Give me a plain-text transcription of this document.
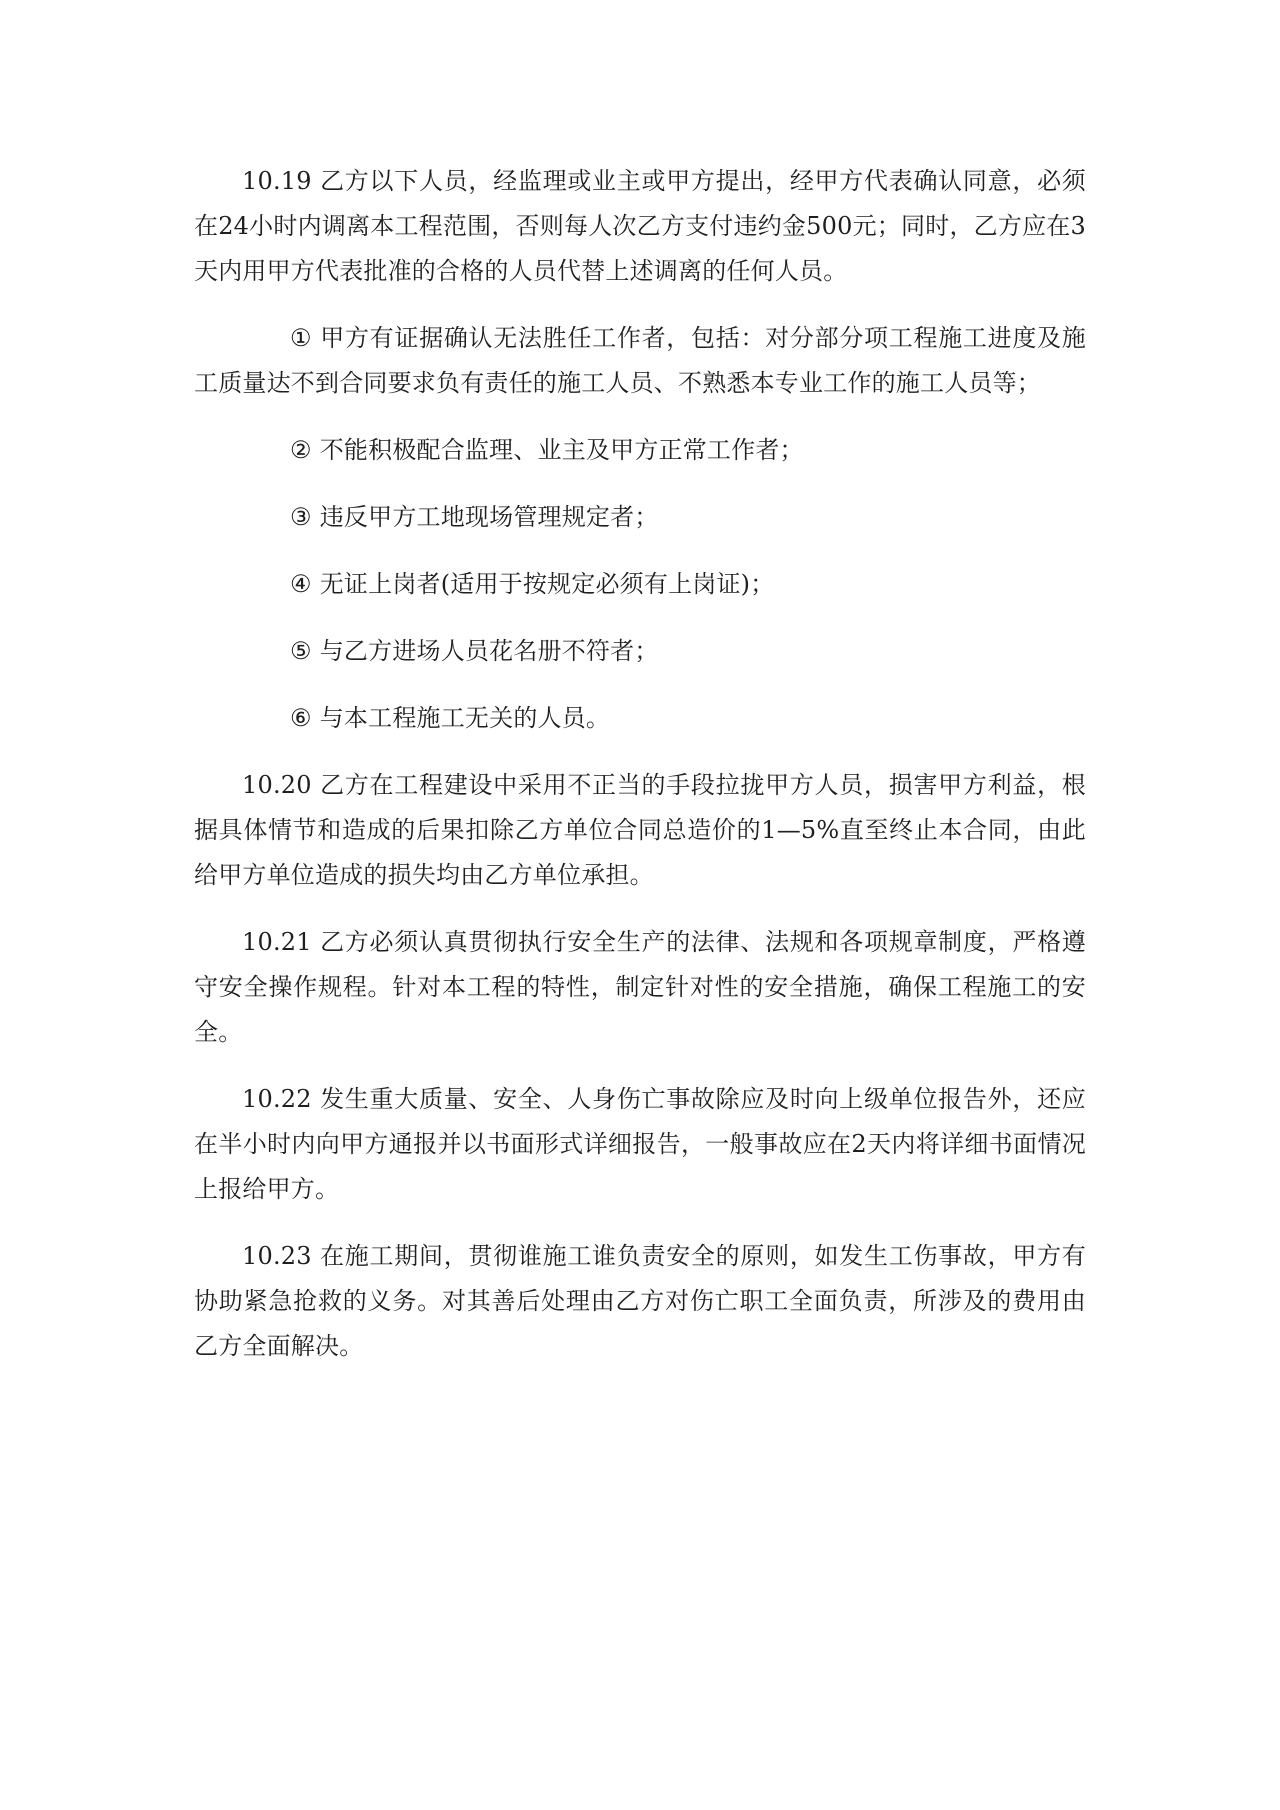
10.19 乙方以下人员，经监理或业主或甲方提出，经甲方代表确认同意，必须在24小时内调离本工程范围，否则每人次乙方支付违约金500元；同时，乙方应在3天内用甲方代表批准的合格的人员代替上述调离的任何人员。

① 甲方有证据确认无法胜任工作者，包括：对分部分项工程施工进度及施工质量达不到合同要求负有责任的施工人员、不熟悉本专业工作的施工人员等；

② 不能积极配合监理、业主及甲方正常工作者；

③ 违反甲方工地现场管理规定者；

④ 无证上岗者(适用于按规定必须有上岗证)；

⑤ 与乙方进场人员花名册不符者；

⑥ 与本工程施工无关的人员。

10.20 乙方在工程建设中采用不正当的手段拉拢甲方人员，损害甲方利益，根据具体情节和造成的后果扣除乙方单位合同总造价的1—5%直至终止本合同，由此给甲方单位造成的损失均由乙方单位承担。

10.21 乙方必须认真贯彻执行安全生产的法律、法规和各项规章制度，严格遵守安全操作规程。针对本工程的特性，制定针对性的安全措施，确保工程施工的安全。

10.22 发生重大质量、安全、人身伤亡事故除应及时向上级单位报告外，还应在半小时内向甲方通报并以书面形式详细报告，一般事故应在2天内将详细书面情况上报给甲方。

10.23 在施工期间，贯彻谁施工谁负责安全的原则，如发生工伤事故，甲方有协助紧急抢救的义务。对其善后处理由乙方对伤亡职工全面负责，所涉及的费用由乙方全面解决。
